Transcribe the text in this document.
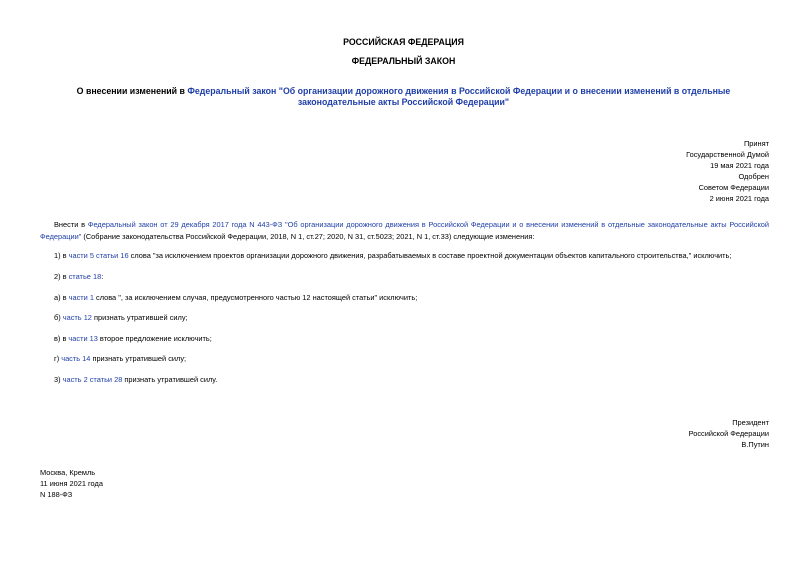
РОССИЙСКАЯ ФЕДЕРАЦИЯ
ФЕДЕРАЛЬНЫЙ ЗАКОН
О внесении изменений в Федеральный закон "Об организации дорожного движения в Российской Федерации и о внесении изменений в отдельные законодательные акты Российской Федерации"
Принят
Государственной Думой
19 мая 2021 года
Одобрен
Советом Федерации
2 июня 2021 года
Внести в Федеральный закон от 29 декабря 2017 года N 443-ФЗ "Об организации дорожного движения в Российской Федерации и о внесении изменений в отдельные законодательные акты Российской Федерации" (Собрание законодательства Российской Федерации, 2018, N 1, ст.27; 2020, N 31, ст.5023; 2021, N 1, ст.33) следующие изменения:
1) в части 5 статьи 16 слова "за исключением проектов организации дорожного движения, разрабатываемых в составе проектной документации объектов капитального строительства," исключить;
2) в статье 18:
а) в части 1 слова ", за исключением случая, предусмотренного частью 12 настоящей статьи" исключить;
б) часть 12 признать утратившей силу;
в) в части 13 второе предложение исключить;
г) часть 14 признать утратившей силу;
3) часть 2 статьи 28 признать утратившей силу.
Президент
Российской Федерации
В.Путин
Москва, Кремль
11 июня 2021 года
N 188-ФЗ
